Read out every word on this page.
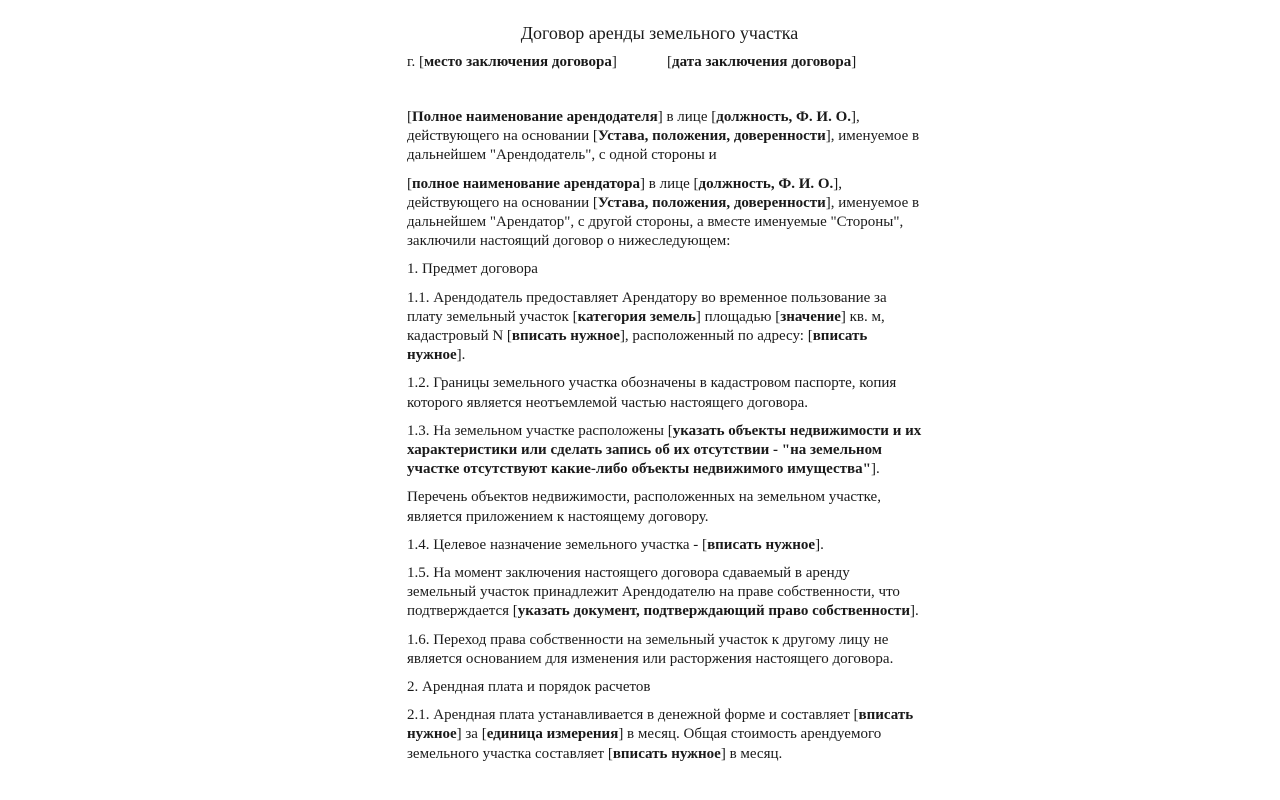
Договор аренды земельного участка
г. [место заключения договора]	[дата заключения договора]

[Полное наименование арендодателя] в лице [должность, Ф. И. О.], действующего на основании [Устава, положения, доверенности], именуемое в дальнейшем "Арендодатель", с одной стороны и

[полное наименование арендатора] в лице [должность, Ф. И. О.], действующего на основании [Устава, положения, доверенности], именуемое в дальнейшем "Арендатор", с другой стороны, а вместе именуемые "Стороны", заключили настоящий договор о нижеследующем:

1. Предмет договора

1.1. Арендодатель предоставляет Арендатору во временное пользование за плату земельный участок [категория земель] площадью [значение] кв. м, кадастровый N [вписать нужное], расположенный по адресу: [вписать нужное].

1.2. Границы земельного участка обозначены в кадастровом паспорте, копия которого является неотъемлемой частью настоящего договора.

1.3. На земельном участке расположены [указать объекты недвижимости и их характеристики или сделать запись об их отсутствии - "на земельном участке отсутствуют какие-либо объекты недвижимого имущества"].

Перечень объектов недвижимости, расположенных на земельном участке, является приложением к настоящему договору.

1.4. Целевое назначение земельного участка - [вписать нужное].

1.5. На момент заключения настоящего договора сдаваемый в аренду земельный участок принадлежит Арендодателю на праве собственности, что подтверждается [указать документ, подтверждающий право собственности].

1.6. Переход права собственности на земельный участок к другому лицу не является основанием для изменения или расторжения настоящего договора.

2. Арендная плата и порядок расчетов

2.1. Арендная плата устанавливается в денежной форме и составляет [вписать нужное] за [единица измерения] в месяц. Общая стоимость арендуемого земельного участка составляет [вписать нужное] в месяц.
